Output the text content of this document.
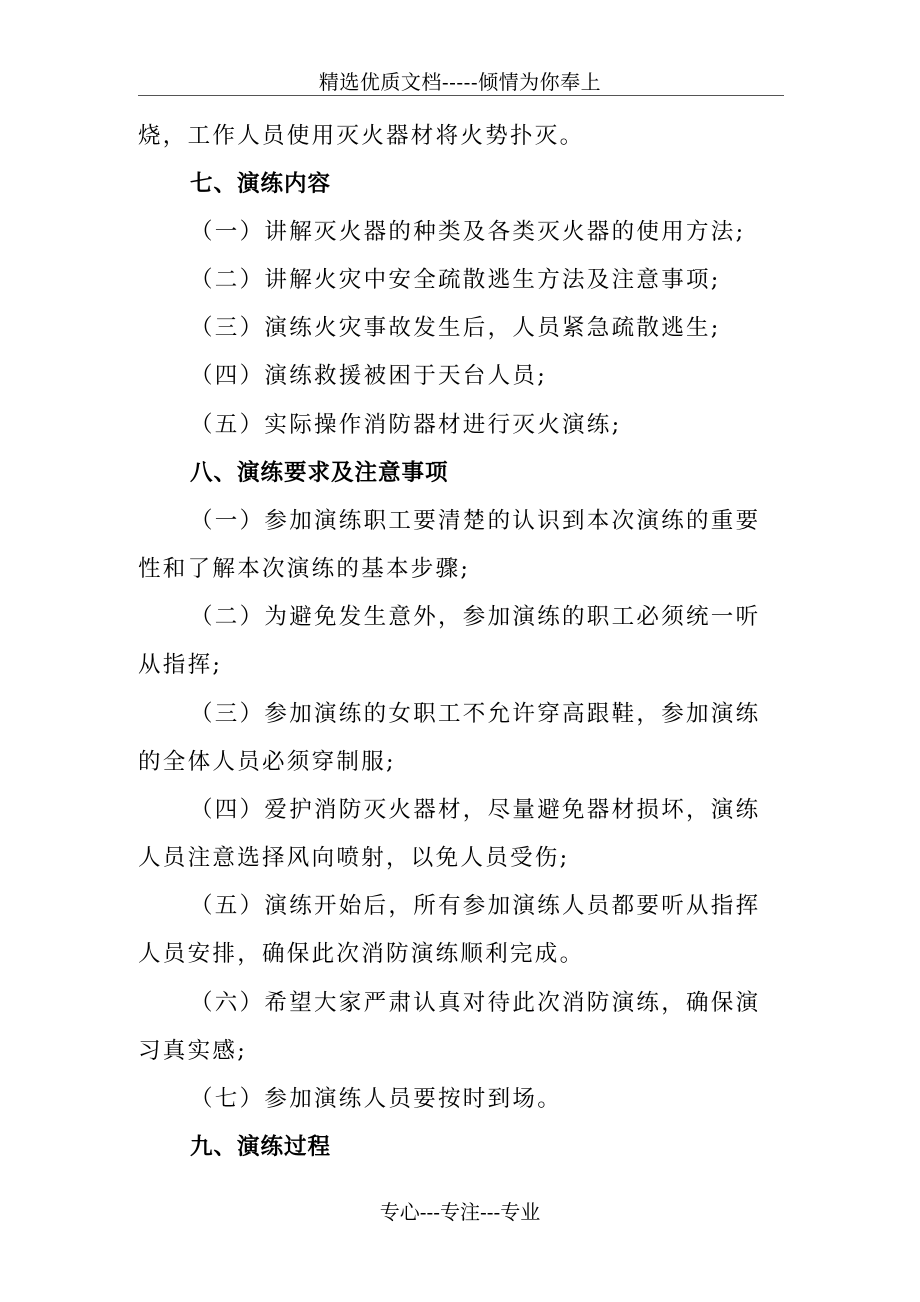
精选优质文档-----倾情为你奉上
烧，工作人员使用灭火器材将火势扑灭。
七、演练内容
（一）讲解灭火器的种类及各类灭火器的使用方法;
（二）讲解火灾中安全疏散逃生方法及注意事项;
（三）演练火灾事故发生后，人员紧急疏散逃生;
（四）演练救援被困于天台人员;
（五）实际操作消防器材进行灭火演练;
八、演练要求及注意事项
（一）参加演练职工要清楚的认识到本次演练的重要
性和了解本次演练的基本步骤;
（二）为避免发生意外，参加演练的职工必须统一听
从指挥;
（三）参加演练的女职工不允许穿高跟鞋，参加演练
的全体人员必须穿制服;
（四）爱护消防灭火器材，尽量避免器材损坏，演练
人员注意选择风向喷射，以免人员受伤;
（五）演练开始后，所有参加演练人员都要听从指挥
人员安排，确保此次消防演练顺利完成。
（六）希望大家严肃认真对待此次消防演练，确保演
习真实感;
（七）参加演练人员要按时到场。
九、演练过程
专心---专注---专业
